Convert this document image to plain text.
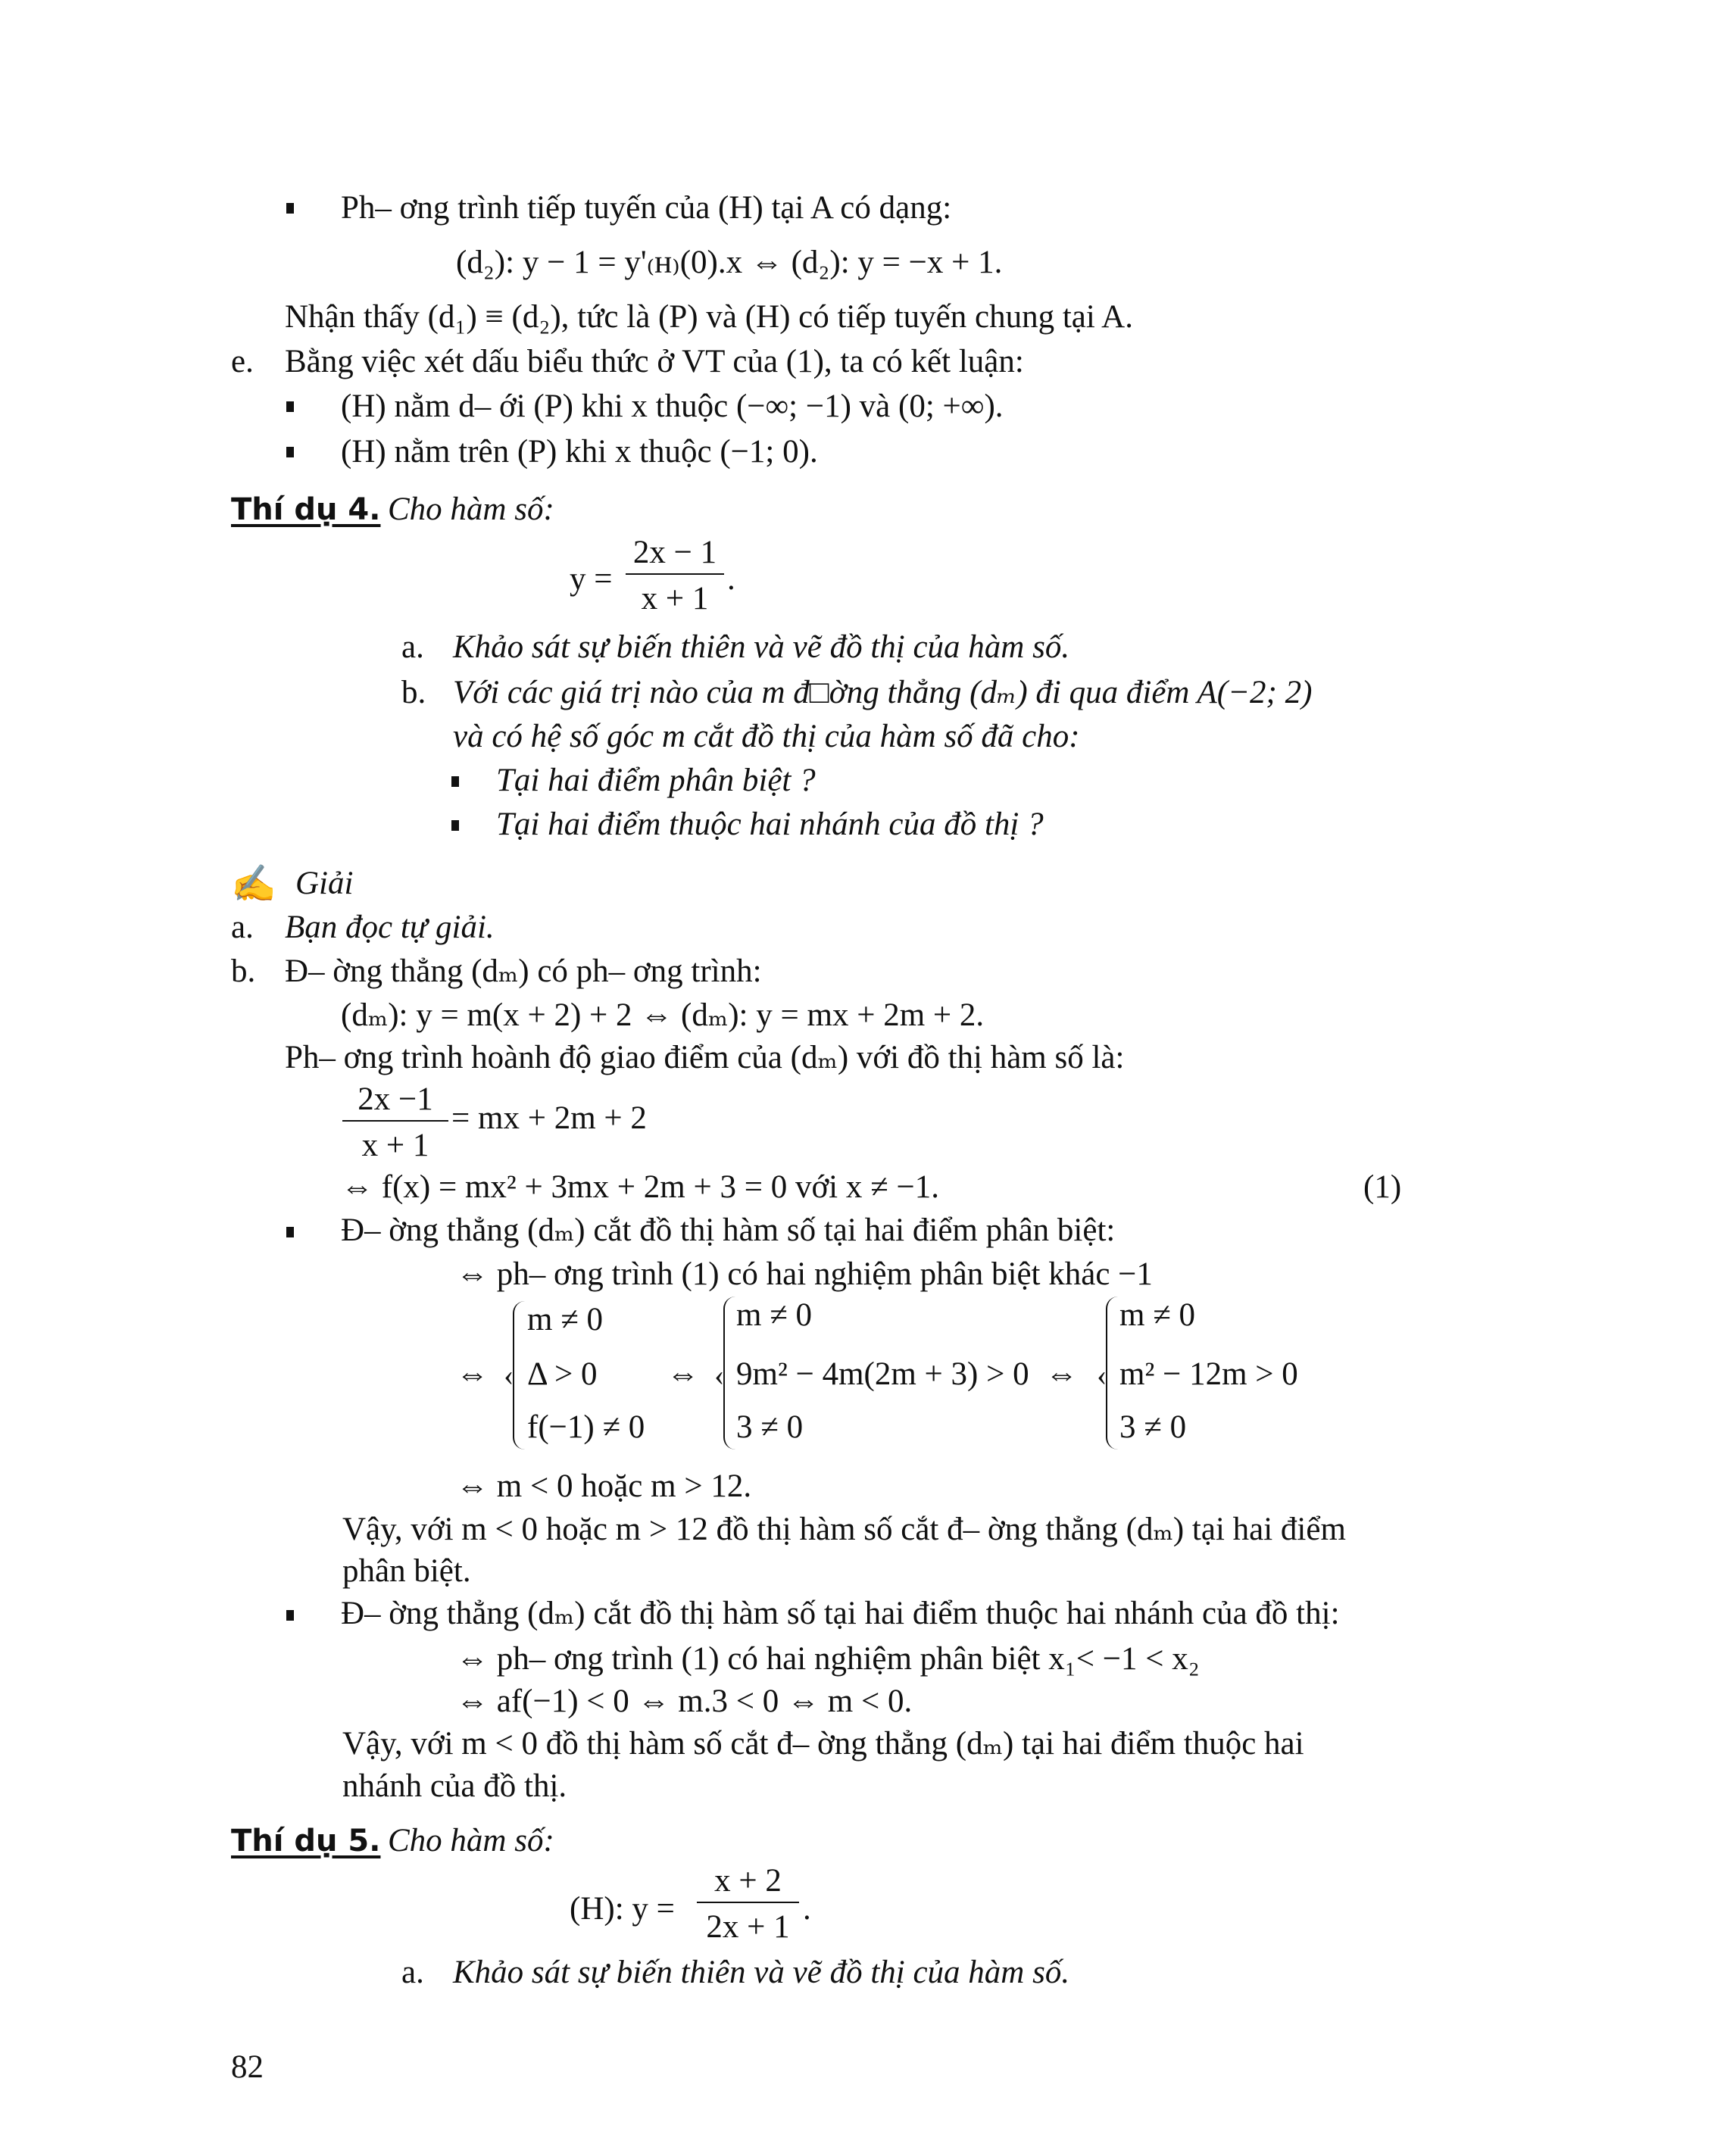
Ph– ơng trình tiếp tuyến của (H) tại A có dạng:
(d₂): y − 1 = y'₍ʜ₎(0).x ⇔ (d₂): y = −x + 1.
Nhận thấy (d₁) ≡ (d₂), tức là (P) và (H) có tiếp tuyến chung tại A.
e. Bằng việc xét dấu biểu thức ở VT của (1), ta có kết luận:
(H) nằm d– ới (P) khi x thuộc (−∞; −1) và (0; +∞).
(H) nằm trên (P) khi x thuộc (−1; 0).
Thí dụ 4. Cho hàm số:
y =
2x − 1
x + 1
.
a. Khảo sát sự biến thiên và vẽ đồ thị của hàm số.
b. Với các giá trị nào của m đ□ờng thẳng (dₘ) đi qua điểm A(−2; 2)
và có hệ số góc m cắt đồ thị của hàm số đã cho:
Tại hai điểm phân biệt ?
Tại hai điểm thuộc hai nhánh của đồ thị ?
✍ Giải
a. Bạn đọc tự giải.
b. Đ– ờng thẳng (dₘ) có ph– ơng trình:
(dₘ): y = m(x + 2) + 2 ⇔ (dₘ): y = mx + 2m + 2.
Ph– ơng trình hoành độ giao điểm của (dₘ) với đồ thị hàm số là:
2x −1
x + 1
= mx + 2m + 2
⇔ f(x) = mx² + 3mx + 2m + 3 = 0 với x ≠ −1.	(1)
Đ– ờng thẳng (dₘ) cắt đồ thị hàm số tại hai điểm phân biệt:
⇔ ph– ơng trình (1) có hai nghiệm phân biệt khác −1
⇔ ‹
m ≠ 0
Δ > 0
f(−1) ≠ 0
⇔ ‹
m ≠ 0
9m² − 4m(2m + 3) > 0
3 ≠ 0
⇔ ‹
m ≠ 0
m² − 12m > 0
3 ≠ 0
⇔ m < 0 hoặc m > 12.
Vậy, với m < 0 hoặc m > 12 đồ thị hàm số cắt đ– ờng thẳng (dₘ) tại hai điểm
phân biệt.
Đ– ờng thẳng (dₘ) cắt đồ thị hàm số tại hai điểm thuộc hai nhánh của đồ thị:
⇔ ph– ơng trình (1) có hai nghiệm phân biệt x₁< −1 < x₂
⇔ af(−1) < 0 ⇔ m.3 < 0 ⇔ m < 0.
Vậy, với m < 0 đồ thị hàm số cắt đ– ờng thẳng (dₘ) tại hai điểm thuộc hai
nhánh của đồ thị.
Thí dụ 5. Cho hàm số:
(H): y =
x + 2
2x + 1
.
a. Khảo sát sự biến thiên và vẽ đồ thị của hàm số.
82
